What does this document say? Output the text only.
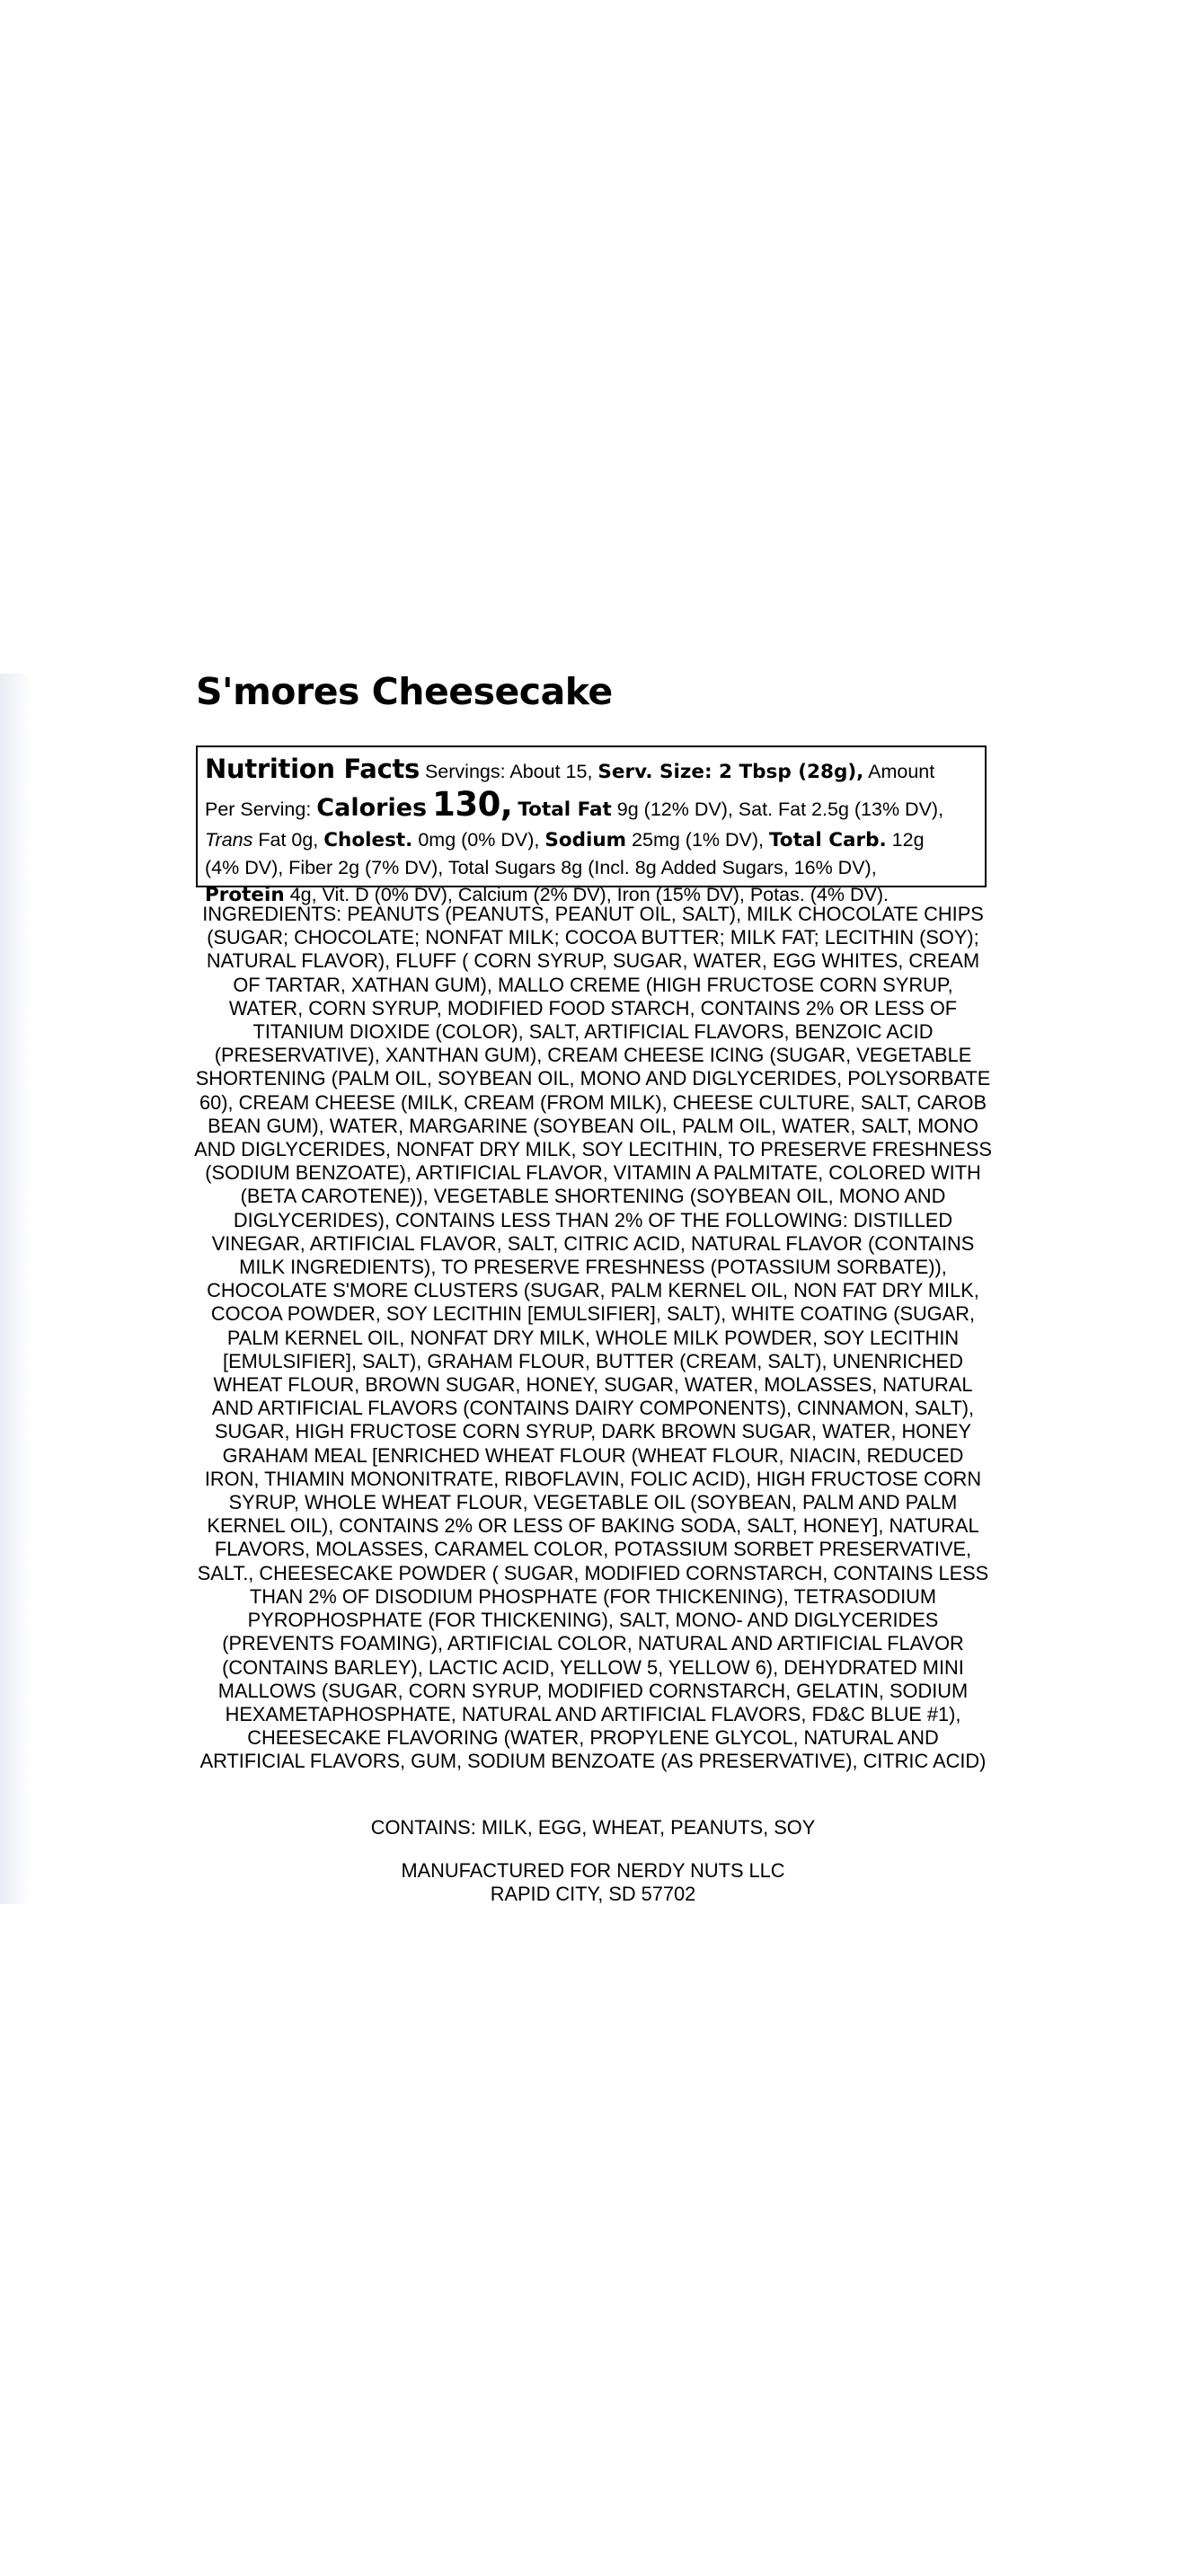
S'mores Cheesecake
Nutrition Facts Servings: About 15, Serv. Size: 2 Tbsp (28g), Amount
Per Serving: Calories 130, Total Fat 9g (12% DV), Sat. Fat 2.5g (13% DV),
Trans Fat 0g, Cholest. 0mg (0% DV), Sodium 25mg (1% DV), Total Carb. 12g
(4% DV), Fiber 2g (7% DV), Total Sugars 8g (Incl. 8g Added Sugars, 16% DV),
Protein 4g, Vit. D (0% DV), Calcium (2% DV), Iron (15% DV), Potas. (4% DV).

INGREDIENTS: PEANUTS (PEANUTS, PEANUT OIL, SALT), MILK CHOCOLATE CHIPS (SUGAR; CHOCOLATE; NONFAT MILK; COCOA BUTTER; MILK FAT; LECITHIN (SOY); NATURAL FLAVOR), FLUFF ( CORN SYRUP, SUGAR, WATER, EGG WHITES, CREAM OF TARTAR, XATHAN GUM), MALLO CREME (HIGH FRUCTOSE CORN SYRUP, WATER, CORN SYRUP, MODIFIED FOOD STARCH, CONTAINS 2% OR LESS OF TITANIUM DIOXIDE (COLOR), SALT, ARTIFICIAL FLAVORS, BENZOIC ACID (PRESERVATIVE), XANTHAN GUM), CREAM CHEESE ICING (SUGAR, VEGETABLE SHORTENING (PALM OIL, SOYBEAN OIL, MONO AND DIGLYCERIDES, POLYSORBATE 60), CREAM CHEESE (MILK, CREAM (FROM MILK), CHEESE CULTURE, SALT, CAROB BEAN GUM), WATER, MARGARINE (SOYBEAN OIL, PALM OIL, WATER, SALT, MONO AND DIGLYCERIDES, NONFAT DRY MILK, SOY LECITHIN, TO PRESERVE FRESHNESS (SODIUM BENZOATE), ARTIFICIAL FLAVOR, VITAMIN A PALMITATE, COLORED WITH (BETA CAROTENE)), VEGETABLE SHORTENING (SOYBEAN OIL, MONO AND DIGLYCERIDES), CONTAINS LESS THAN 2% OF THE FOLLOWING: DISTILLED VINEGAR, ARTIFICIAL FLAVOR, SALT, CITRIC ACID, NATURAL FLAVOR (CONTAINS MILK INGREDIENTS), TO PRESERVE FRESHNESS (POTASSIUM SORBATE)), CHOCOLATE S'MORE CLUSTERS (SUGAR, PALM KERNEL OIL, NON FAT DRY MILK, COCOA POWDER, SOY LECITHIN [EMULSIFIER], SALT), WHITE COATING (SUGAR, PALM KERNEL OIL, NONFAT DRY MILK, WHOLE MILK POWDER, SOY LECITHIN [EMULSIFIER], SALT), GRAHAM FLOUR, BUTTER (CREAM, SALT), UNENRICHED WHEAT FLOUR, BROWN SUGAR, HONEY, SUGAR, WATER, MOLASSES, NATURAL AND ARTIFICIAL FLAVORS (CONTAINS DAIRY COMPONENTS), CINNAMON, SALT), SUGAR, HIGH FRUCTOSE CORN SYRUP, DARK BROWN SUGAR, WATER, HONEY GRAHAM MEAL [ENRICHED WHEAT FLOUR (WHEAT FLOUR, NIACIN, REDUCED IRON, THIAMIN MONONITRATE, RIBOFLAVIN, FOLIC ACID), HIGH FRUCTOSE CORN SYRUP, WHOLE WHEAT FLOUR, VEGETABLE OIL (SOYBEAN, PALM AND PALM KERNEL OIL), CONTAINS 2% OR LESS OF BAKING SODA, SALT, HONEY], NATURAL FLAVORS, MOLASSES, CARAMEL COLOR, POTASSIUM SORBET PRESERVATIVE, SALT., CHEESECAKE POWDER ( SUGAR, MODIFIED CORNSTARCH, CONTAINS LESS THAN 2% OF DISODIUM PHOSPHATE (FOR THICKENING), TETRASODIUM PYROPHOSPHATE (FOR THICKENING), SALT, MONO- AND DIGLYCERIDES (PREVENTS FOAMING), ARTIFICIAL COLOR, NATURAL AND ARTIFICIAL FLAVOR (CONTAINS BARLEY), LACTIC ACID, YELLOW 5, YELLOW 6), DEHYDRATED MINI MALLOWS (SUGAR, CORN SYRUP, MODIFIED CORNSTARCH, GELATIN, SODIUM HEXAMETAPHOSPHATE, NATURAL AND ARTIFICIAL FLAVORS, FD&C BLUE #1), CHEESECAKE FLAVORING (WATER, PROPYLENE GLYCOL, NATURAL AND ARTIFICIAL FLAVORS, GUM, SODIUM BENZOATE (AS PRESERVATIVE), CITRIC ACID)

CONTAINS: MILK, EGG, WHEAT, PEANUTS, SOY

MANUFACTURED FOR NERDY NUTS LLC
RAPID CITY, SD 57702
